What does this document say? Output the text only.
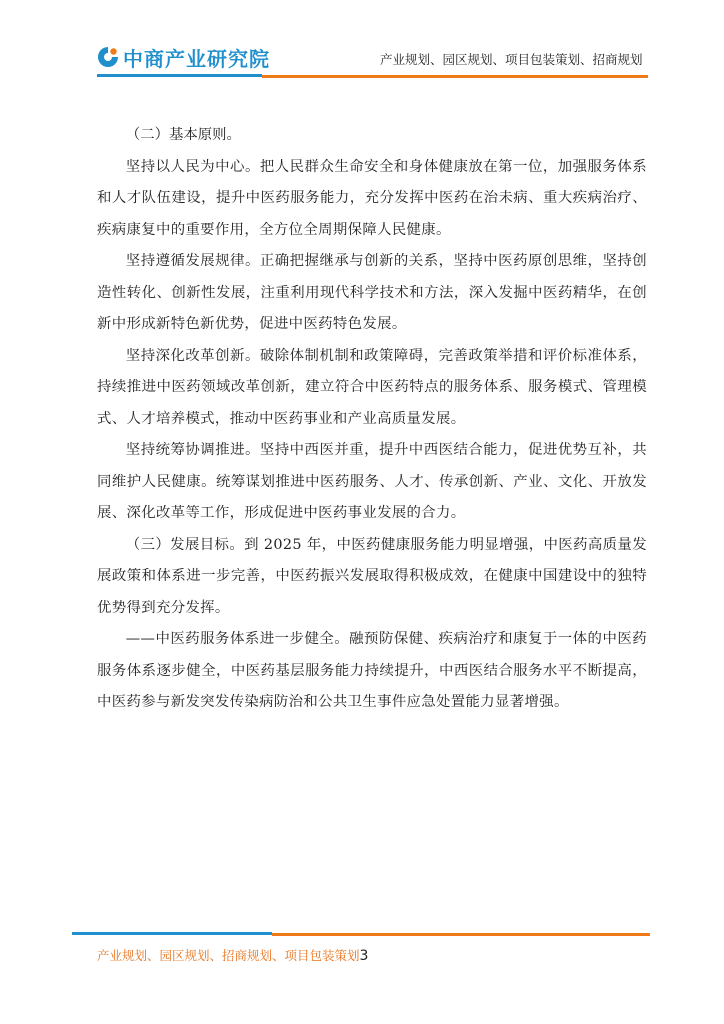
中商产业研究院	产业规划、园区规划、项目包装策划、招商规划

（二）基本原则。

坚持以人民为中心。把人民群众生命安全和身体健康放在第一位，加强服务体系和人才队伍建设，提升中医药服务能力，充分发挥中医药在治未病、重大疾病治疗、疾病康复中的重要作用，全方位全周期保障人民健康。

坚持遵循发展规律。正确把握继承与创新的关系，坚持中医药原创思维，坚持创造性转化、创新性发展，注重利用现代科学技术和方法，深入发掘中医药精华，在创新中形成新特色新优势，促进中医药特色发展。

坚持深化改革创新。破除体制机制和政策障碍，完善政策举措和评价标准体系，持续推进中医药领域改革创新，建立符合中医药特点的服务体系、服务模式、管理模式、人才培养模式，推动中医药事业和产业高质量发展。

坚持统筹协调推进。坚持中西医并重，提升中西医结合能力，促进优势互补，共同维护人民健康。统筹谋划推进中医药服务、人才、传承创新、产业、文化、开放发展、深化改革等工作，形成促进中医药事业发展的合力。

（三）发展目标。到 2025 年，中医药健康服务能力明显增强，中医药高质量发展政策和体系进一步完善，中医药振兴发展取得积极成效，在健康中国建设中的独特优势得到充分发挥。

——中医药服务体系进一步健全。融预防保健、疾病治疗和康复于一体的中医药服务体系逐步健全，中医药基层服务能力持续提升，中西医结合服务水平不断提高，中医药参与新发突发传染病防治和公共卫生事件应急处置能力显著增强。

产业规划、园区规划、招商规划、项目包装策划3
